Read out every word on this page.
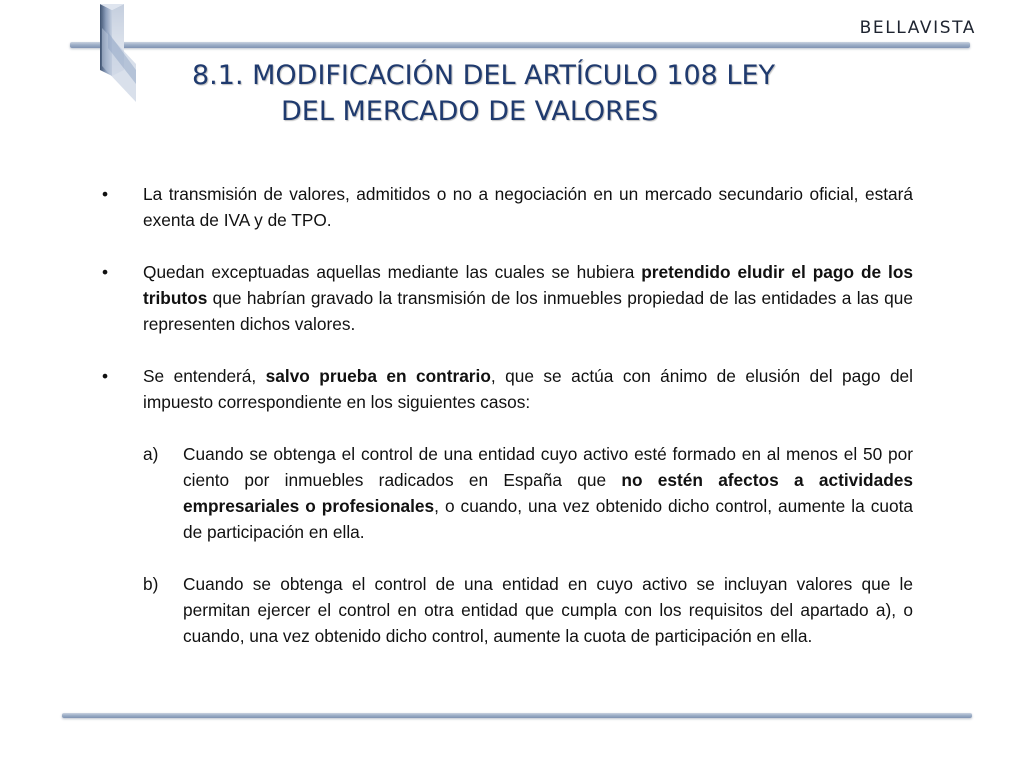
BELLAVISTA
8.1. MODIFICACIÓN DEL ARTÍCULO 108 LEY
DEL MERCADO DE VALORES
•	La transmisión de valores, admitidos o no a negociación en un mercado secundario oficial, estará exenta de IVA y de TPO.
•	Quedan exceptuadas aquellas mediante las cuales se hubiera pretendido eludir el pago de los tributos que habrían gravado la transmisión de los inmuebles propiedad de las entidades a las que representen dichos valores.
•	Se entenderá, salvo prueba en contrario, que se actúa con ánimo de elusión del pago del impuesto correspondiente en los siguientes casos:
a) Cuando se obtenga el control de una entidad cuyo activo esté formado en al menos el 50 por ciento por inmuebles radicados en España que no estén afectos a actividades empresariales o profesionales, o cuando, una vez obtenido dicho control, aumente la cuota de participación en ella.
b) Cuando se obtenga el control de una entidad en cuyo activo se incluyan valores que le permitan ejercer el control en otra entidad que cumpla con los requisitos del apartado a), o cuando, una vez obtenido dicho control, aumente la cuota de participación en ella.
